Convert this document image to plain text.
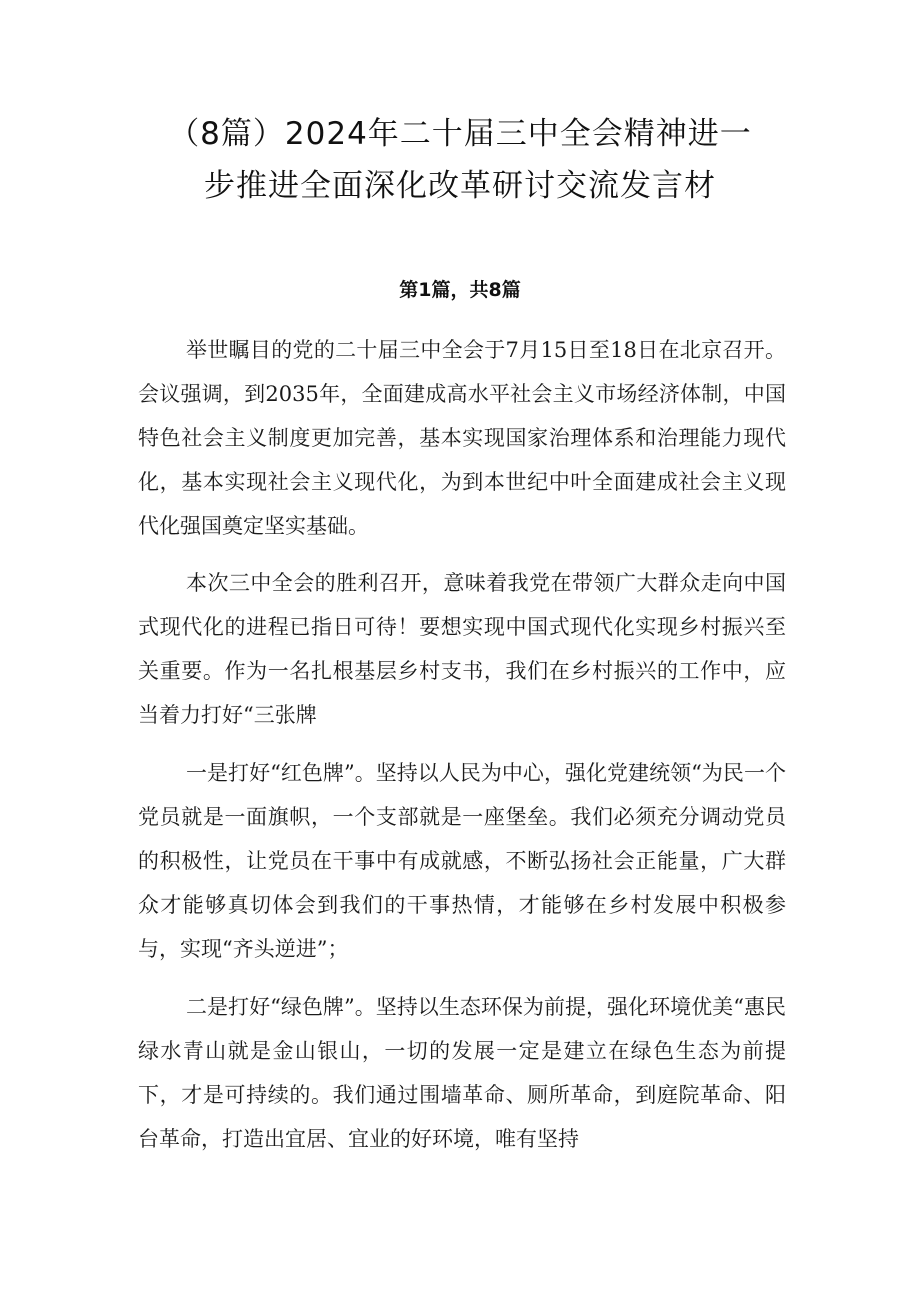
（8篇）2024年二十届三中全会精神进一
步推进全面深化改革研讨交流发言材

第1篇，共8篇

举世瞩目的党的二十届三中全会于7月15日至18日在北京召开。会议强调，到2035年，全面建成高水平社会主义市场经济体制，中国特色社会主义制度更加完善，基本实现国家治理体系和治理能力现代化，基本实现社会主义现代化，为到本世纪中叶全面建成社会主义现代化强国奠定坚实基础。

本次三中全会的胜利召开，意味着我党在带领广大群众走向中国式现代化的进程已指日可待！要想实现中国式现代化实现乡村振兴至关重要。作为一名扎根基层乡村支书，我们在乡村振兴的工作中，应当着力打好“三张牌

一是打好“红色牌”。坚持以人民为中心，强化党建统领“为民一个党员就是一面旗帜，一个支部就是一座堡垒。我们必须充分调动党员的积极性，让党员在干事中有成就感，不断弘扬社会正能量，广大群众才能够真切体会到我们的干事热情，才能够在乡村发展中积极参与，实现“齐头逆进”；

二是打好“绿色牌”。坚持以生态环保为前提，强化环境优美“惠民绿水青山就是金山银山，一切的发展一定是建立在绿色生态为前提下，才是可持续的。我们通过围墙革命、厕所革命，到庭院革命、阳台革命，打造出宜居、宜业的好环境，唯有坚持
